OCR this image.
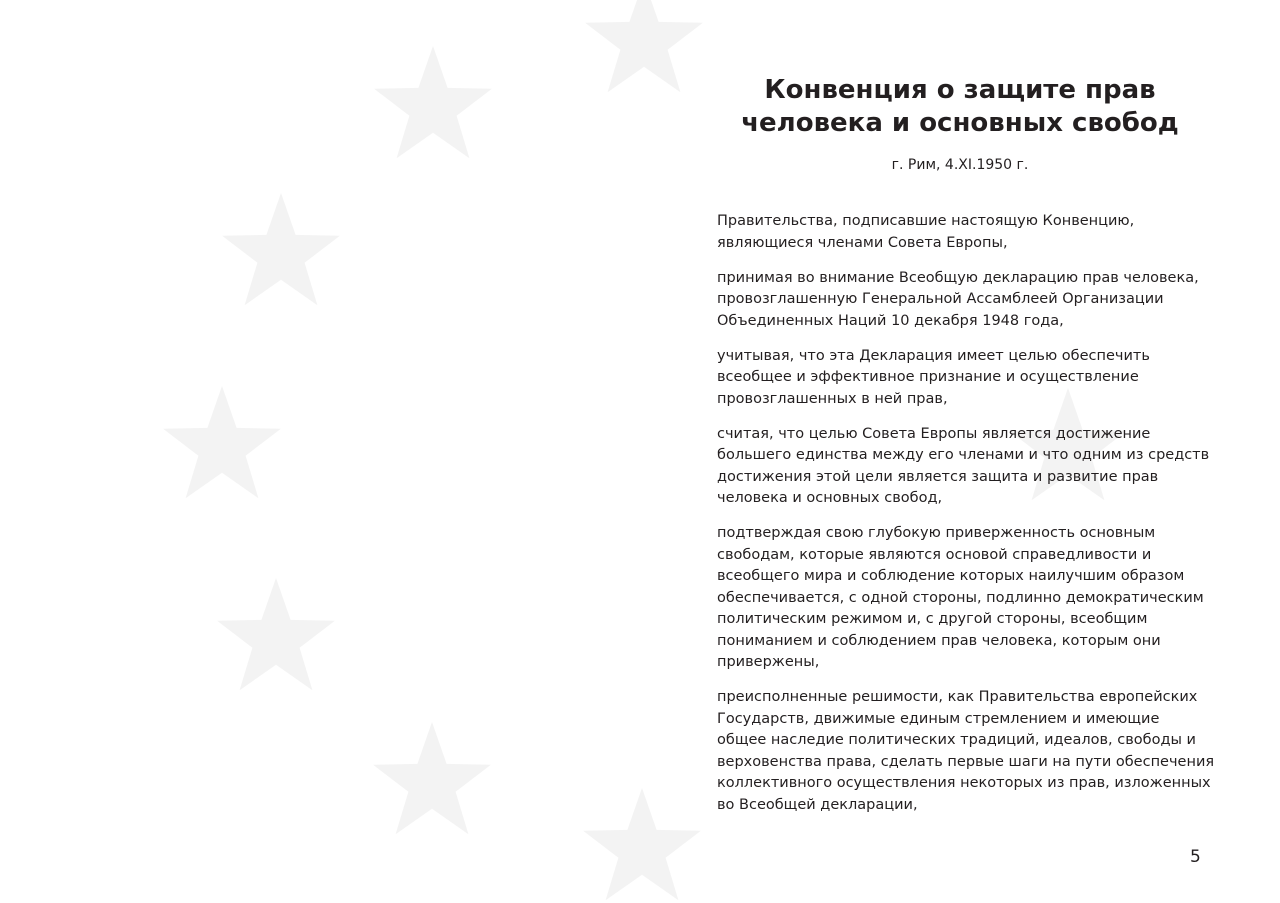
Конвенция о защите прав
человека и основных свобод
г. Рим, 4.XI.1950 г.

Правительства, подписавшие настоящую Конвенцию,
являющиеся членами Совета Европы,

принимая во внимание Всеобщую декларацию прав человека,
провозглашенную Генеральной Ассамблеей Организации
Объединенных Наций 10 декабря 1948 года,

учитывая, что эта Декларация имеет целью обеспечить
всеобщее и эффективное признание и осуществление
провозглашенных в ней прав,

считая, что целью Совета Европы является достижение
большего единства между его членами и что одним из средств
достижения этой цели является защита и развитие прав
человека и основных свобод,

подтверждая свою глубокую приверженность основным
свободам, которые являются основой справедливости и
всеобщего мира и соблюдение которых наилучшим образом
обеспечивается, с одной стороны, подлинно демократическим
политическим режимом и, с другой стороны, всеобщим
пониманием и соблюдением прав человека, которым они
привержены,

преисполненные решимости, как Правительства европейских
Государств, движимые единым стремлением и имеющие
общее наследие политических традиций, идеалов, свободы и
верховенства права, сделать первые шаги на пути обеспечения
коллективного осуществления некоторых из прав, изложенных
во Всеобщей декларации,

5
